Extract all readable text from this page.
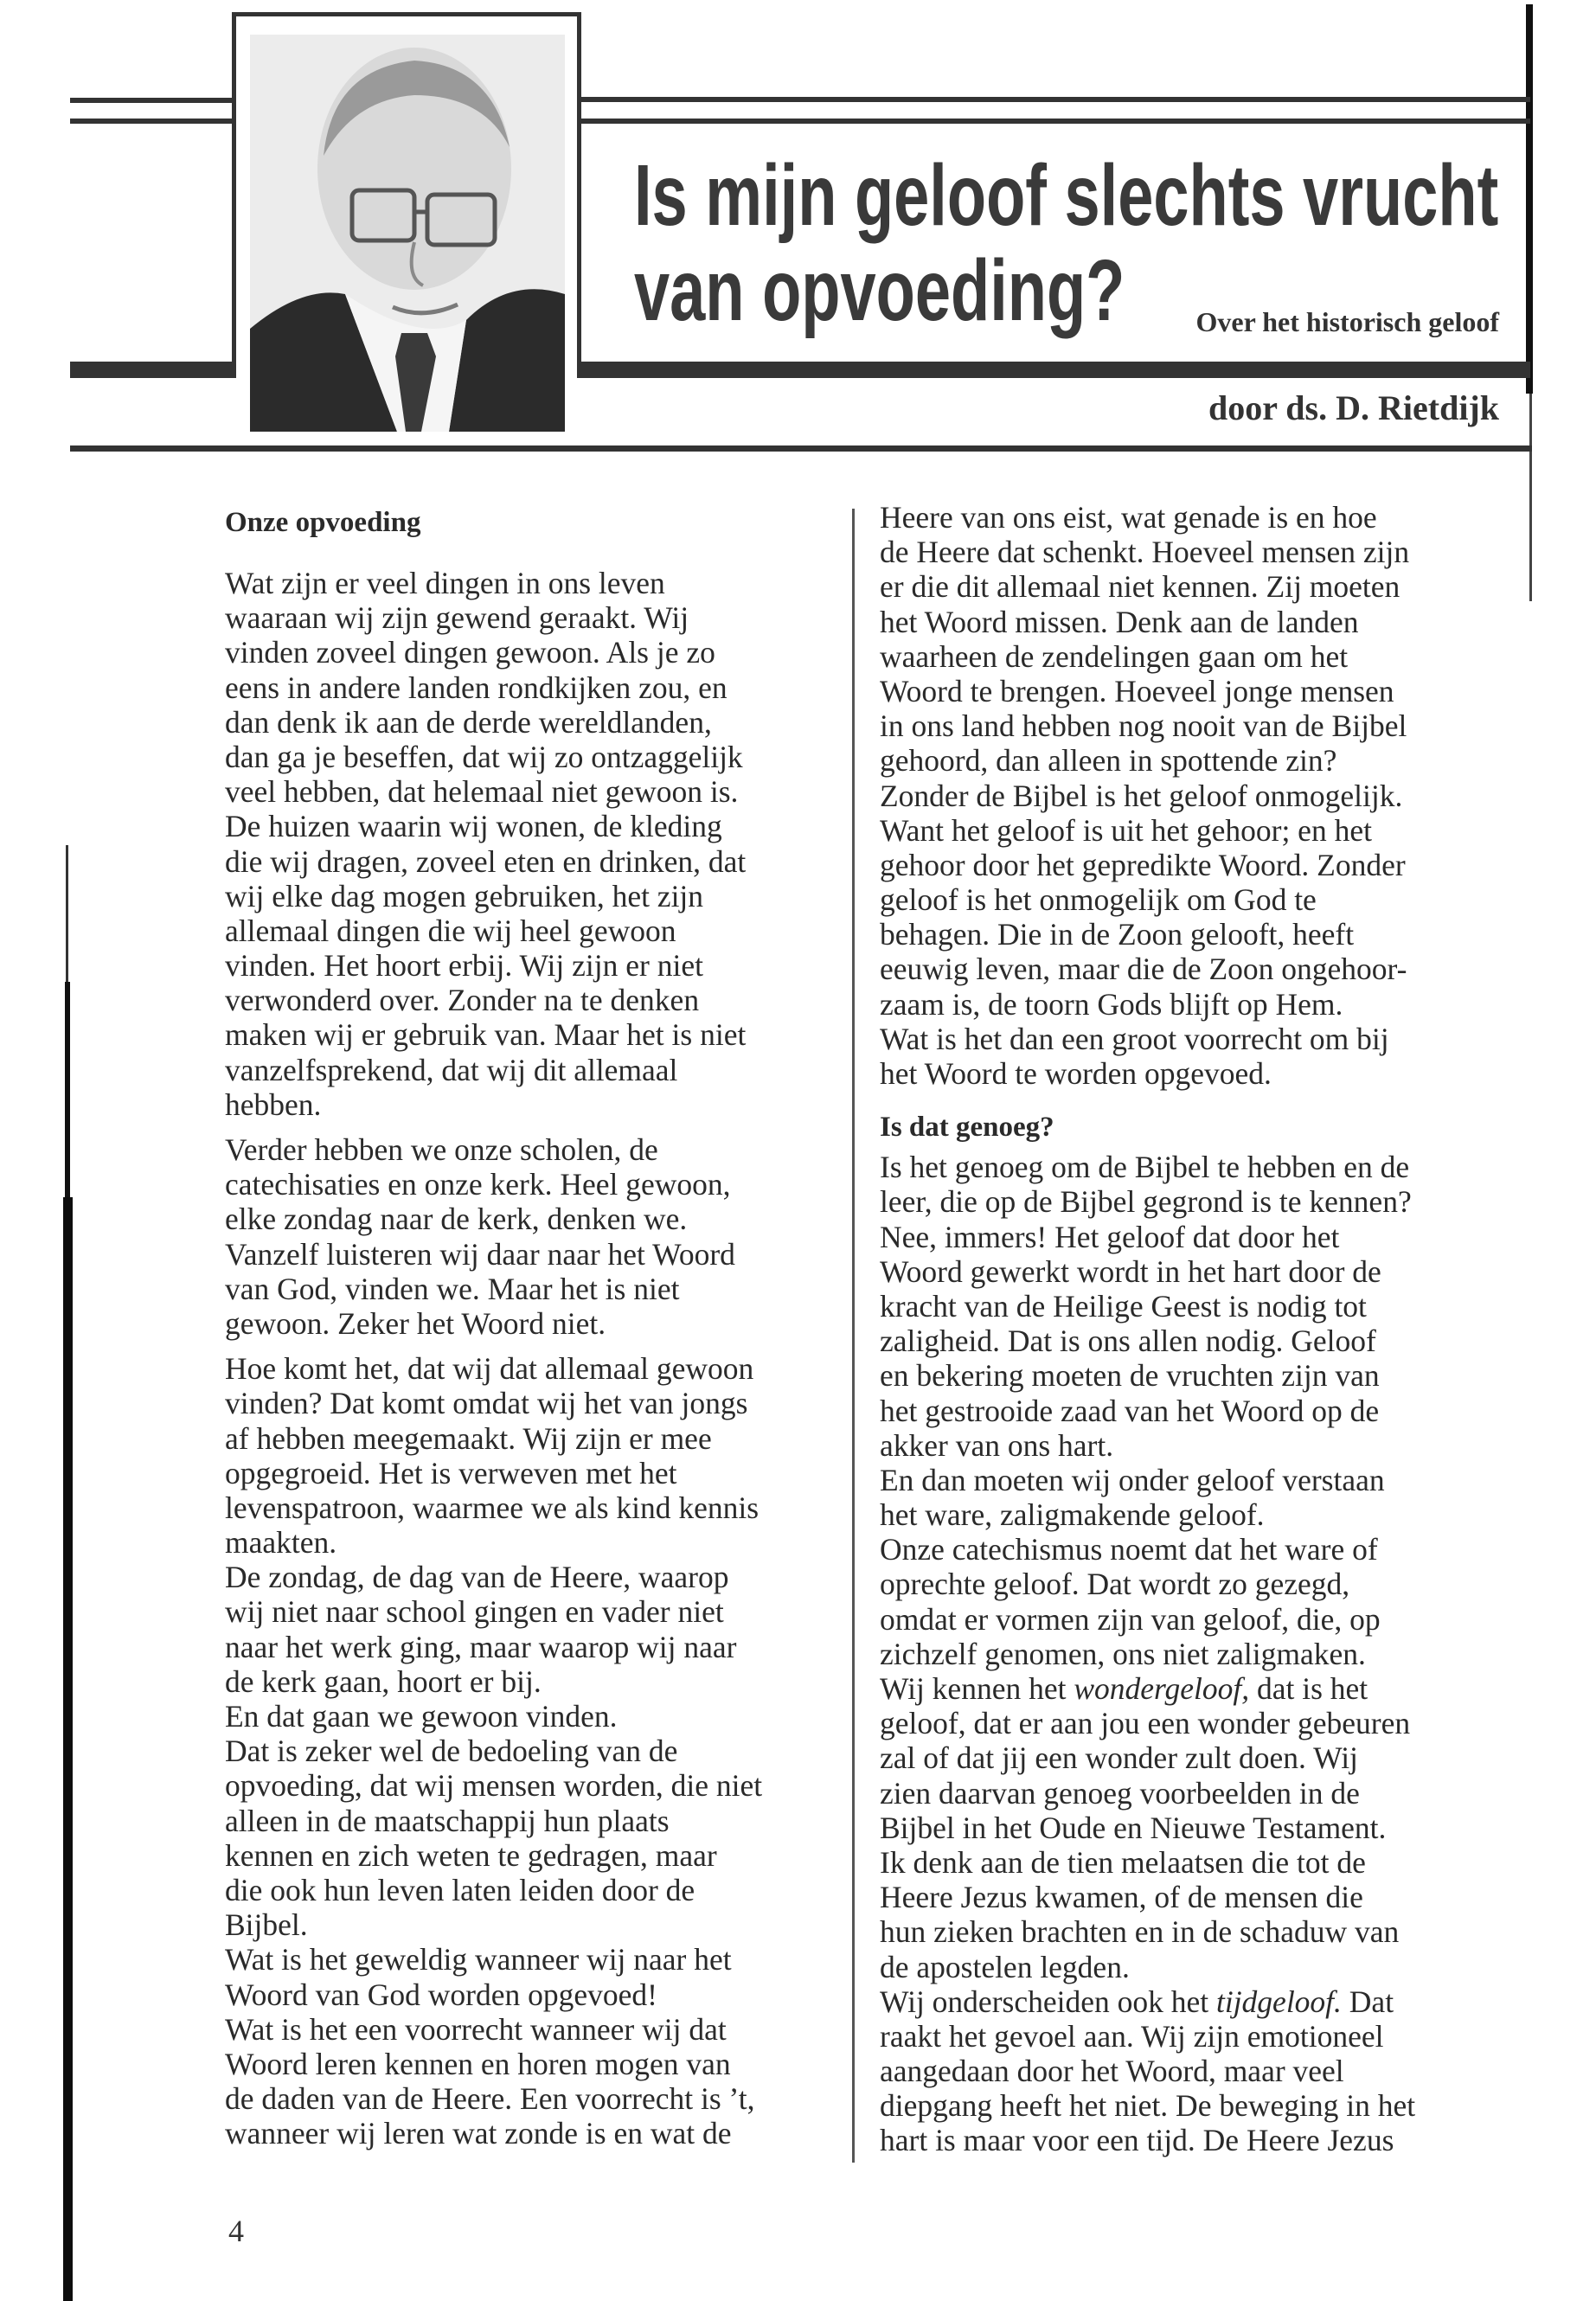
Is mijn geloof slechts vrucht
van opvoeding?	Over het historisch geloof
door ds. D. Rietdijk
Onze opvoeding
Wat zijn er veel dingen in ons leven
waaraan wij zijn gewend geraakt. Wij
vinden zoveel dingen gewoon. Als je zo
eens in andere landen rondkijken zou, en
dan denk ik aan de derde wereldlanden,
dan ga je beseffen, dat wij zo ontzaggelijk
veel hebben, dat helemaal niet gewoon is.
De huizen waarin wij wonen, de kleding
die wij dragen, zoveel eten en drinken, dat
wij elke dag mogen gebruiken, het zijn
allemaal dingen die wij heel gewoon
vinden. Het hoort erbij. Wij zijn er niet
verwonderd over. Zonder na te denken
maken wij er gebruik van. Maar het is niet
vanzelfsprekend, dat wij dit allemaal
hebben.
Verder hebben we onze scholen, de
catechisaties en onze kerk. Heel gewoon,
elke zondag naar de kerk, denken we.
Vanzelf luisteren wij daar naar het Woord
van God, vinden we. Maar het is niet
gewoon. Zeker het Woord niet.
Hoe komt het, dat wij dat allemaal gewoon
vinden? Dat komt omdat wij het van jongs
af hebben meegemaakt. Wij zijn er mee
opgegroeid. Het is verweven met het
levenspatroon, waarmee we als kind kennis
maakten.
De zondag, de dag van de Heere, waarop
wij niet naar school gingen en vader niet
naar het werk ging, maar waarop wij naar
de kerk gaan, hoort er bij.
En dat gaan we gewoon vinden.
Dat is zeker wel de bedoeling van de
opvoeding, dat wij mensen worden, die niet
alleen in de maatschappij hun plaats
kennen en zich weten te gedragen, maar
die ook hun leven laten leiden door de
Bijbel.
Wat is het geweldig wanneer wij naar het
Woord van God worden opgevoed!
Wat is het een voorrecht wanneer wij dat
Woord leren kennen en horen mogen van
de daden van de Heere. Een voorrecht is ’t,
wanneer wij leren wat zonde is en wat de
Heere van ons eist, wat genade is en hoe
de Heere dat schenkt. Hoeveel mensen zijn
er die dit allemaal niet kennen. Zij moeten
het Woord missen. Denk aan de landen
waarheen de zendelingen gaan om het
Woord te brengen. Hoeveel jonge mensen
in ons land hebben nog nooit van de Bijbel
gehoord, dan alleen in spottende zin?
Zonder de Bijbel is het geloof onmogelijk.
Want het geloof is uit het gehoor; en het
gehoor door het gepredikte Woord. Zonder
geloof is het onmogelijk om God te
behagen. Die in de Zoon gelooft, heeft
eeuwig leven, maar die de Zoon ongehoor-
zaam is, de toorn Gods blijft op Hem.
Wat is het dan een groot voorrecht om bij
het Woord te worden opgevoed.
Is dat genoeg?
Is het genoeg om de Bijbel te hebben en de
leer, die op de Bijbel gegrond is te kennen?
Nee, immers! Het geloof dat door het
Woord gewerkt wordt in het hart door de
kracht van de Heilige Geest is nodig tot
zaligheid. Dat is ons allen nodig. Geloof
en bekering moeten de vruchten zijn van
het gestrooide zaad van het Woord op de
akker van ons hart.
En dan moeten wij onder geloof verstaan
het ware, zaligmakende geloof.
Onze catechismus noemt dat het ware of
oprechte geloof. Dat wordt zo gezegd,
omdat er vormen zijn van geloof, die, op
zichzelf genomen, ons niet zaligmaken.
Wij kennen het wondergeloof, dat is het
geloof, dat er aan jou een wonder gebeuren
zal of dat jij een wonder zult doen. Wij
zien daarvan genoeg voorbeelden in de
Bijbel in het Oude en Nieuwe Testament.
Ik denk aan de tien melaatsen die tot de
Heere Jezus kwamen, of de mensen die
hun zieken brachten en in de schaduw van
de apostelen legden.
Wij onderscheiden ook het tijdgeloof. Dat
raakt het gevoel aan. Wij zijn emotioneel
aangedaan door het Woord, maar veel
diepgang heeft het niet. De beweging in het
hart is maar voor een tijd. De Heere Jezus
4
